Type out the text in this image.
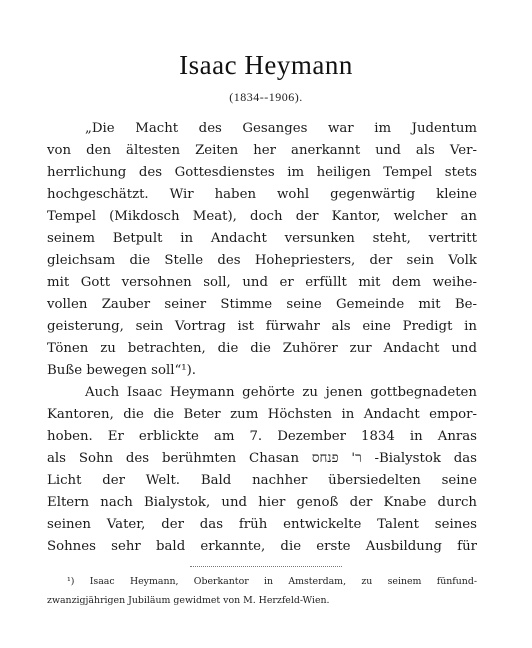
Isaac Heymann
(1834--1906).
„Die Macht des Gesanges war im Judentum
von den ältesten Zeiten her anerkannt und als Ver-
herrlichung des Gottesdienstes im heiligen Tempel stets
hochgeschätzt. Wir haben wohl gegenwärtig kleine
Tempel (Mikdosch Meat), doch der Kantor, welcher an
seinem Betpult in Andacht versunken steht, vertritt
gleichsam die Stelle des Hohepriesters, der sein Volk
mit Gott versohnen soll, und er erfüllt mit dem weihe-
vollen Zauber seiner Stimme seine Gemeinde mit Be-
geisterung, sein Vortrag ist fürwahr als eine Predigt in
Tönen zu betrachten, die die Zuhörer zur Andacht und
Buße bewegen soll“¹).
Auch Isaac Heymann gehörte zu jenen gottbegnadeten
Kantoren, die die Beter zum Höchsten in Andacht empor-
hoben. Er erblickte am 7. Dezember 1834 in Anras
als Sohn des berühmten Chasan ר' פנחס -Bialystok das
Licht der Welt. Bald nachher übersiedelten seine
Eltern nach Bialystok, und hier genoß der Knabe durch
seinen Vater, der das früh entwickelte Talent seines
Sohnes sehr bald erkannte, die erste Ausbildung für
¹) Isaac Heymann, Oberkantor in Amsterdam, zu seinem fünfund-
zwanzigjährigen Jubiläum gewidmet von M. Herzfeld-Wien.
